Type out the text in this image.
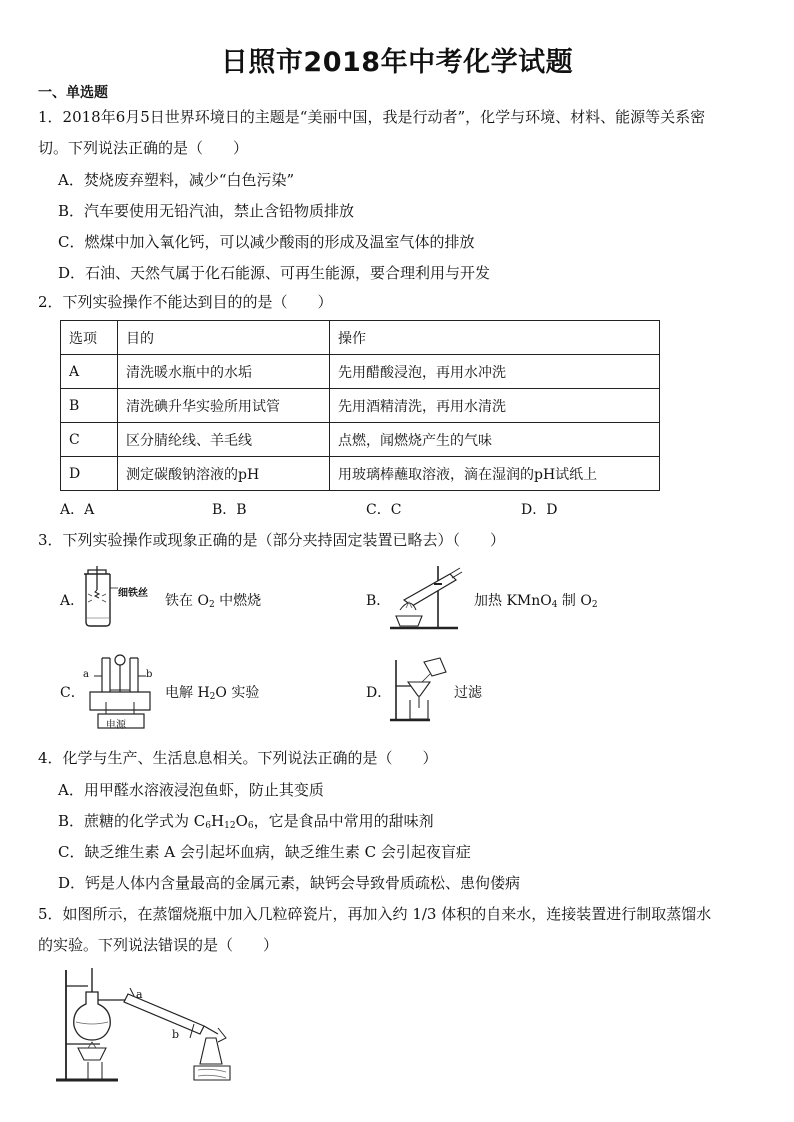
日照市2018年中考化学试题
一、单选题
1．2018年6月5日世界环境日的主题是“美丽中国，我是行动者”，化学与环境、材料、能源等关系密
切。下列说法正确的是（　　）
A．焚烧废弃塑料，减少“白色污染”
B．汽车要使用无铅汽油，禁止含铅物质排放
C．燃煤中加入氧化钙，可以减少酸雨的形成及温室气体的排放
D．石油、天然气属于化石能源、可再生能源，要合理利用与开发
2．下列实验操作不能达到目的的是（　　）
选项	目的	操作
A	清洗暖水瓶中的水垢	先用醋酸浸泡，再用水冲洗
B	清洗碘升华实验所用试管	先用酒精清洗，再用水清洗
C	区分腈纶线、羊毛线	点燃，闻燃烧产生的气味
D	测定碳酸钠溶液的pH	用玻璃棒蘸取溶液，滴在湿润的pH试纸上
A．A	B．B	C．C	D．D
3．下列实验操作或现象正确的是（部分夹持固定装置已略去）（　　）
A．	细铁丝 铁在 $O_2$ 中燃烧	B．	加热 KMnO$_4$ 制 $O_2$
C．
a	b
电源
电解 $H_2O$ 实验	D．	过滤
4．化学与生产、生活息息相关。下列说法正确的是（　　）
A．用甲醛水溶液浸泡鱼虾，防止其变质
B．蔗糖的化学式为 $C_6H_{12}O_6$，它是食品中常用的甜味剂
C．缺乏维生素 A 会引起坏血病，缺乏维生素 C 会引起夜盲症
D．钙是人体内含量最高的金属元素，缺钙会导致骨质疏松、患佝偻病
5．如图所示，在蒸馏烧瓶中加入几粒碎瓷片，再加入约 1/3 体积的自来水，连接装置进行制取蒸馏水
的实验。下列说法错误的是（　　）
a
b
